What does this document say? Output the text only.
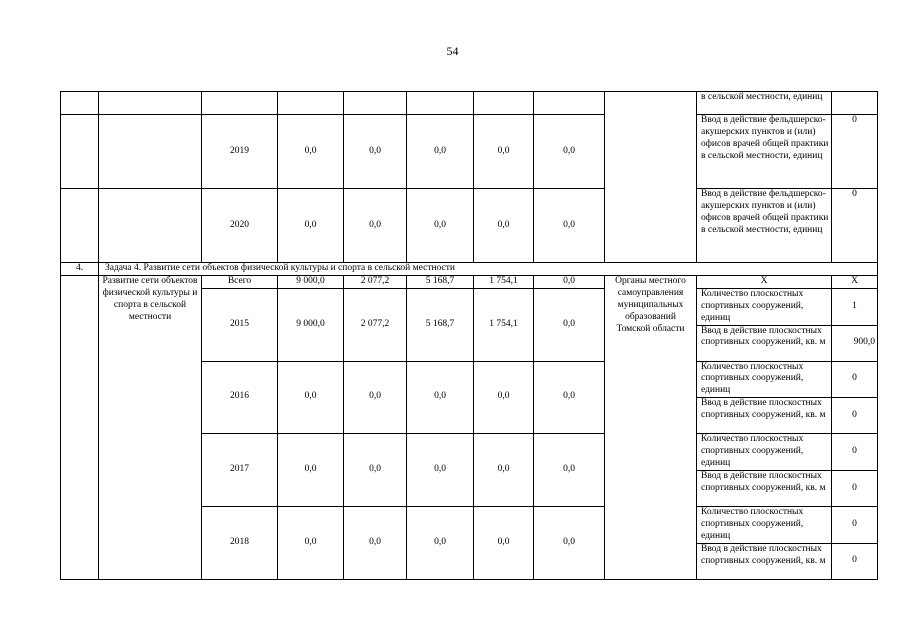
54
									в сельской местности, единиц	
		2019	0,0	0,0	0,0	0,0	0,0		Ввод в действие фельдшерско-акушерских пунктов и (или) офисов врачей общей практики в сельской местности, единиц	0
		2020	0,0	0,0	0,0	0,0	0,0		Ввод в действие фельдшерско-акушерских пунктов и (или) офисов врачей общей практики в сельской местности, единиц	0
4.	Задача 4. Развитие сети объектов физической культуры и спорта в сельской местности									
	Развитие сети объектов физической культуры и спорта в сельской местности	Всего	9 000,0	2 077,2	5 168,7	1 754,1	0,0	Органы местного самоуправления муниципальных образований Томской области	Х	Х
		2015	9 000,0	2 077,2	5 168,7	1 754,1	0,0		Количество плоскостных спортивных сооружений, единиц	1
									Ввод в действие плоскостных спортивных сооружений, кв. м	900,0
		2016	0,0	0,0	0,0	0,0	0,0		Количество плоскостных спортивных сооружений, единиц	0
									Ввод в действие плоскостных спортивных сооружений, кв. м	0
		2017	0,0	0,0	0,0	0,0	0,0		Количество плоскостных спортивных сооружений, единиц	0
									Ввод в действие плоскостных спортивных сооружений, кв. м	0
		2018	0,0	0,0	0,0	0,0	0,0		Количество плоскостных спортивных сооружений, единиц	0
									Ввод в действие плоскостных спортивных сооружений, кв. м	0
